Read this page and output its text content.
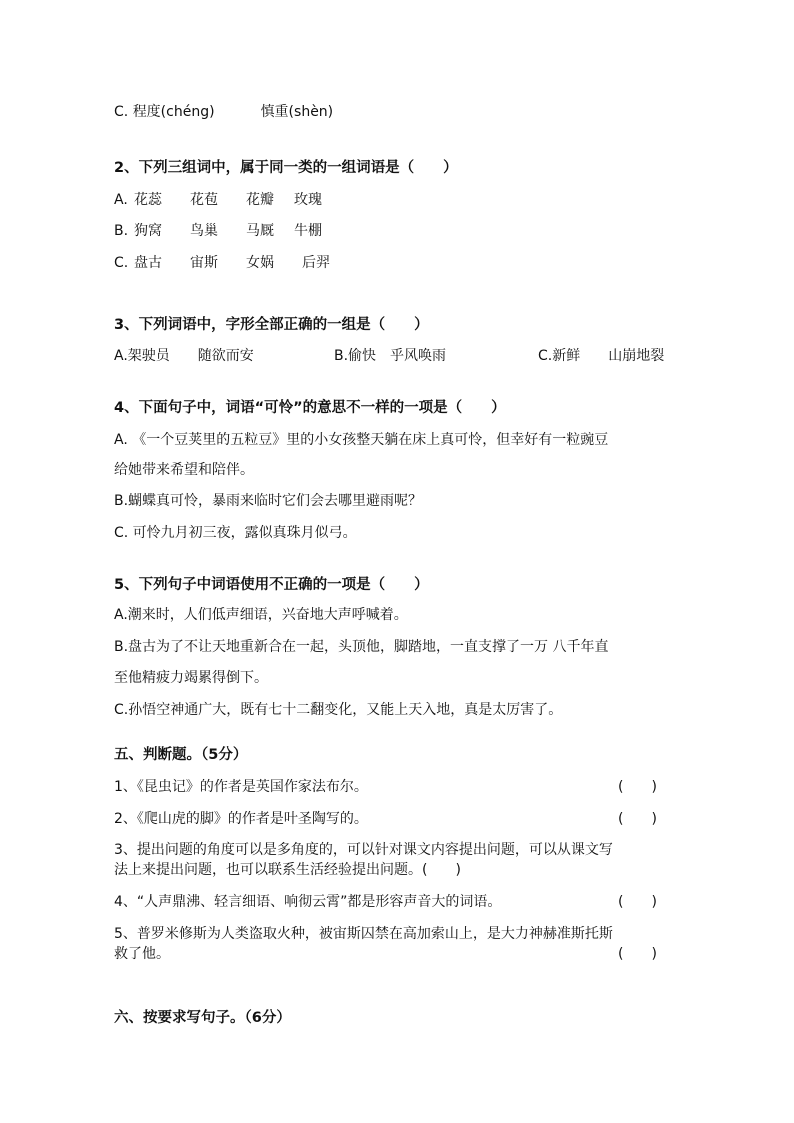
C. 程度(chéng)	慎重(shèn)
2、下列三组词中，属于同一类的一组词语是（　　）
A.花蕊 花苞 花瓣 玫瑰
B.狗窝 鸟巢 马厩 牛棚
C.盘古 宙斯 女娲 后羿
3、下列词语中，字形全部正确的一组是（　　）
A.架驶员　　随欲而安	B.偷快　乎风唤雨	C.新鲜　　山崩地裂
4、下面句子中，词语“可怜”的意思不一样的一项是（　　）
A. 《一个豆荚里的五粒豆》里的小女孩整天躺在床上真可怜，但幸好有一粒豌豆
给她带来希望和陪伴。
B.蝴蝶真可怜，暴雨来临时它们会去哪里避雨呢？
C. 可怜九月初三夜，露似真珠月似弓。
5、下列句子中词语使用不正确的一项是（　　）
A.潮来时，人们低声细语，兴奋地大声呼喊着。
B.盘古为了不让天地重新合在一起，头顶他，脚踏地，一直支撑了一万 八千年直
至他精疲力竭累得倒下。
C.孙悟空神通广大，既有七十二翻变化，又能上天入地，真是太厉害了。
五、判断题。（5分）
1、《昆虫记》的作者是英国作家法布尔。	(　　)
2、《爬山虎的脚》的作者是叶圣陶写的。	(　　)
3、提出问题的角度可以是多角度的，可以针对课文内容提出问题，可以从课文写
法上来提出问题，也可以联系生活经验提出问题。(　　)
4、“人声鼎沸、轻言细语、响彻云霄”都是形容声音大的词语。	(　　)
5、普罗米修斯为人类盗取火种，被宙斯囚禁在高加索山上，是大力神赫准斯托斯
救了他。	(　　)
六、按要求写句子。（6分）
